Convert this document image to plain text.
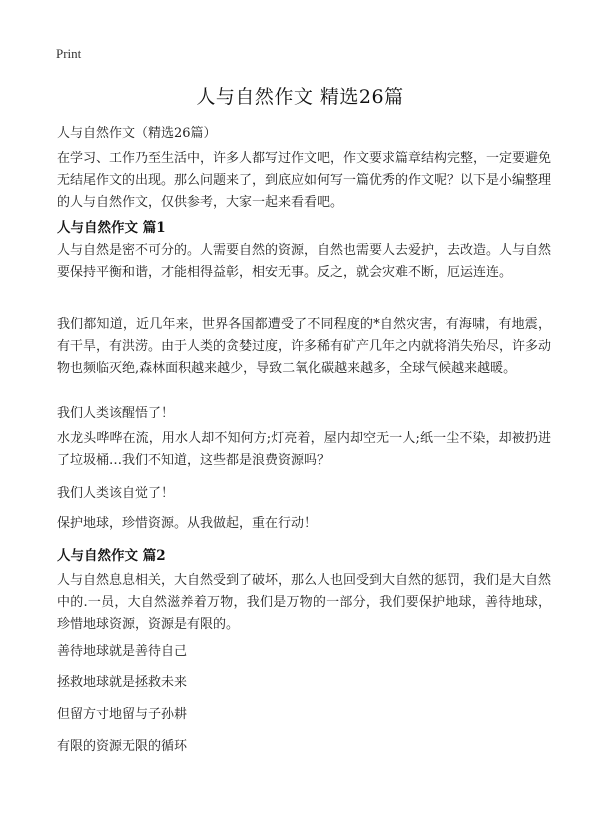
Print
人与自然作文 精选26篇
人与自然作文（精选26篇）

在学习、工作乃至生活中，许多人都写过作文吧，作文要求篇章结构完整，一定要避免无结尾作文的出现。那么问题来了，到底应如何写一篇优秀的作文呢？以下是小编整理的人与自然作文，仅供参考，大家一起来看看吧。

人与自然作文 篇1

人与自然是密不可分的。人需要自然的资源，自然也需要人去爱护，去改造。人与自然要保持平衡和谐，才能相得益彰，相安无事。反之，就会灾难不断，厄运连连。

我们都知道，近几年来，世界各国都遭受了不同程度的*自然灾害，有海啸，有地震，有干旱，有洪涝。由于人类的贪婪过度，许多稀有矿产几年之内就将消失殆尽，许多动物也频临灭绝,森林面积越来越少，导致二氧化碳越来越多，全球气候越来越暖。

我们人类该醒悟了！

水龙头哗哗在流，用水人却不知何方;灯亮着，屋内却空无一人;纸一尘不染，却被扔进了垃圾桶…我们不知道，这些都是浪费资源吗？

我们人类该自觉了！
保护地球，珍惜资源。从我做起，重在行动！
人与自然作文 篇2

人与自然息息相关，大自然受到了破坏，那么人也回受到大自然的惩罚，我们是大自然中的.一员，大自然滋养着万物，我们是万物的一部分，我们要保护地球，善待地球，珍惜地球资源，资源是有限的。

善待地球就是善待自己
拯救地球就是拯救未来
但留方寸地留与子孙耕
有限的资源无限的循环
